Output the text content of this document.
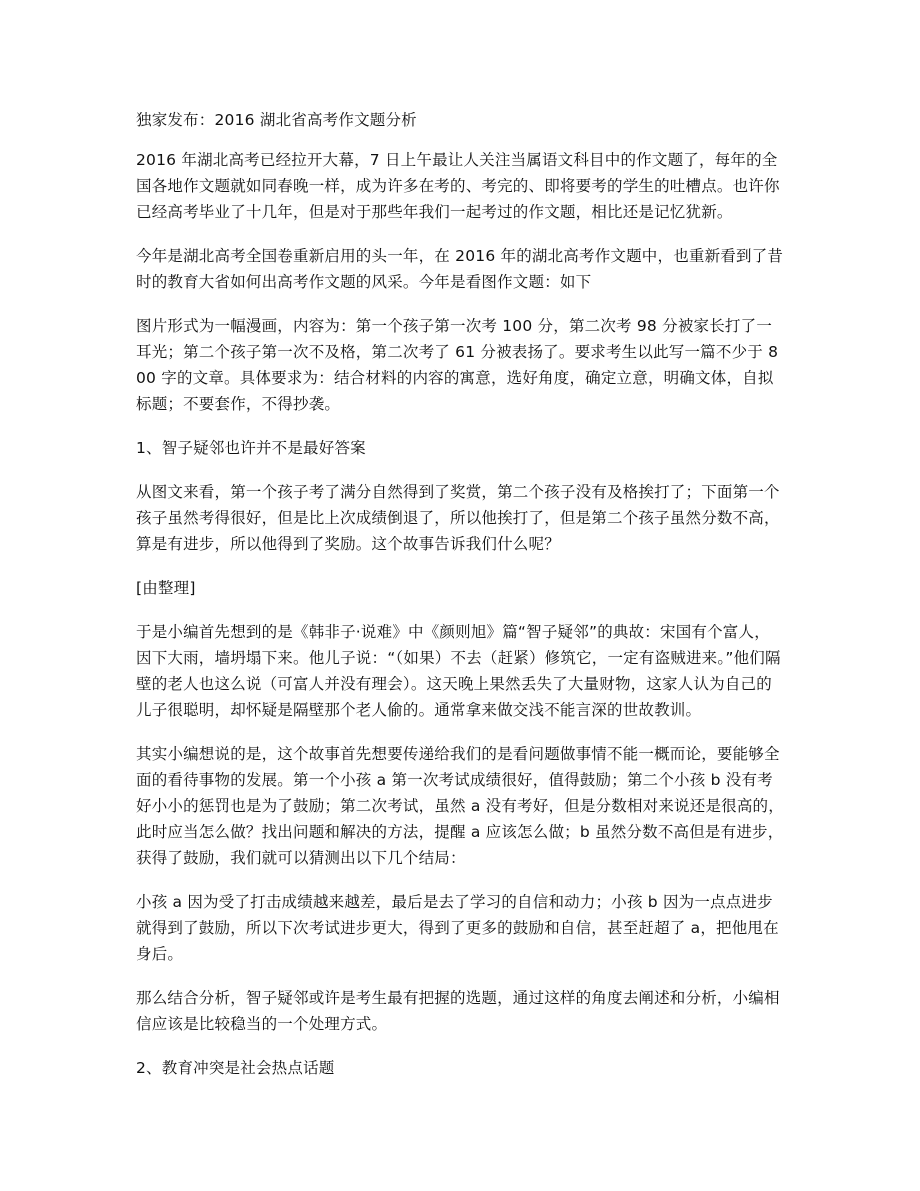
独家发布：2016 湖北省高考作文题分析

2016 年湖北高考已经拉开大幕，7 日上午最让人关注当属语文科目中的作文题了，每年的全国各地作文题就如同春晚一样，成为许多在考的、考完的、即将要考的学生的吐槽点。也许你已经高考毕业了十几年，但是对于那些年我们一起考过的作文题，相比还是记忆犹新。

今年是湖北高考全国卷重新启用的头一年，在 2016 年的湖北高考作文题中，也重新看到了昔时的教育大省如何出高考作文题的风采。今年是看图作文题：如下

图片形式为一幅漫画，内容为：第一个孩子第一次考 100 分，第二次考 98 分被家长打了一耳光；第二个孩子第一次不及格，第二次考了 61 分被表扬了。要求考生以此写一篇不少于 800 字的文章。具体要求为：结合材料的内容的寓意，选好角度，确定立意，明确文体，自拟标题；不要套作，不得抄袭。

1、智子疑邻也许并不是最好答案

从图文来看，第一个孩子考了满分自然得到了奖赏，第二个孩子没有及格挨打了；下面第一个孩子虽然考得很好，但是比上次成绩倒退了，所以他挨打了，但是第二个孩子虽然分数不高，算是有进步，所以他得到了奖励。这个故事告诉我们什么呢？

[由整理]

于是小编首先想到的是《韩非子·说难》中《颜则旭》篇“智子疑邻”的典故：宋国有个富人，因下大雨，墙坍塌下来。他儿子说：“（如果）不去（赶紧）修筑它，一定有盗贼进来。”他们隔壁的老人也这么说（可富人并没有理会）。这天晚上果然丢失了大量财物，这家人认为自己的儿子很聪明，却怀疑是隔壁那个老人偷的。通常拿来做交浅不能言深的世故教训。

其实小编想说的是，这个故事首先想要传递给我们的是看问题做事情不能一概而论，要能够全面的看待事物的发展。第一个小孩 a 第一次考试成绩很好，值得鼓励；第二个小孩 b 没有考好小小的惩罚也是为了鼓励；第二次考试，虽然 a 没有考好，但是分数相对来说还是很高的，此时应当怎么做？找出问题和解决的方法，提醒 a 应该怎么做；b 虽然分数不高但是有进步，获得了鼓励，我们就可以猜测出以下几个结局：

小孩 a 因为受了打击成绩越来越差，最后是去了学习的自信和动力；小孩 b 因为一点点进步就得到了鼓励，所以下次考试进步更大，得到了更多的鼓励和自信，甚至赶超了 a，把他甩在身后。

那么结合分析，智子疑邻或许是考生最有把握的选题，通过这样的角度去阐述和分析，小编相信应该是比较稳当的一个处理方式。

2、教育冲突是社会热点话题
